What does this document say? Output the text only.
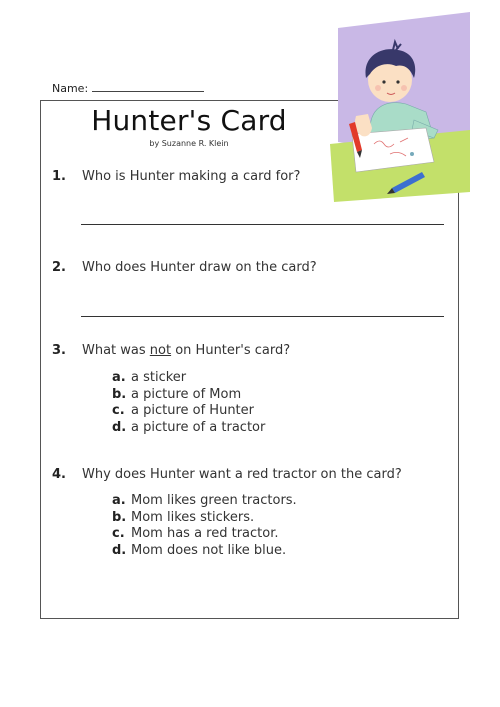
Name:
Hunter's Card
by Suzanne R. Klein
1. Who is Hunter making a card for?
2. Who does Hunter draw on the card?
3. What was not on Hunter's card?
a. a sticker
b. a picture of Mom
c. a picture of Hunter
d. a picture of a tractor
4. Why does Hunter want a red tractor on the card?
a. Mom likes green tractors.
b. Mom likes stickers.
c. Mom has a red tractor.
d. Mom does not like blue.
